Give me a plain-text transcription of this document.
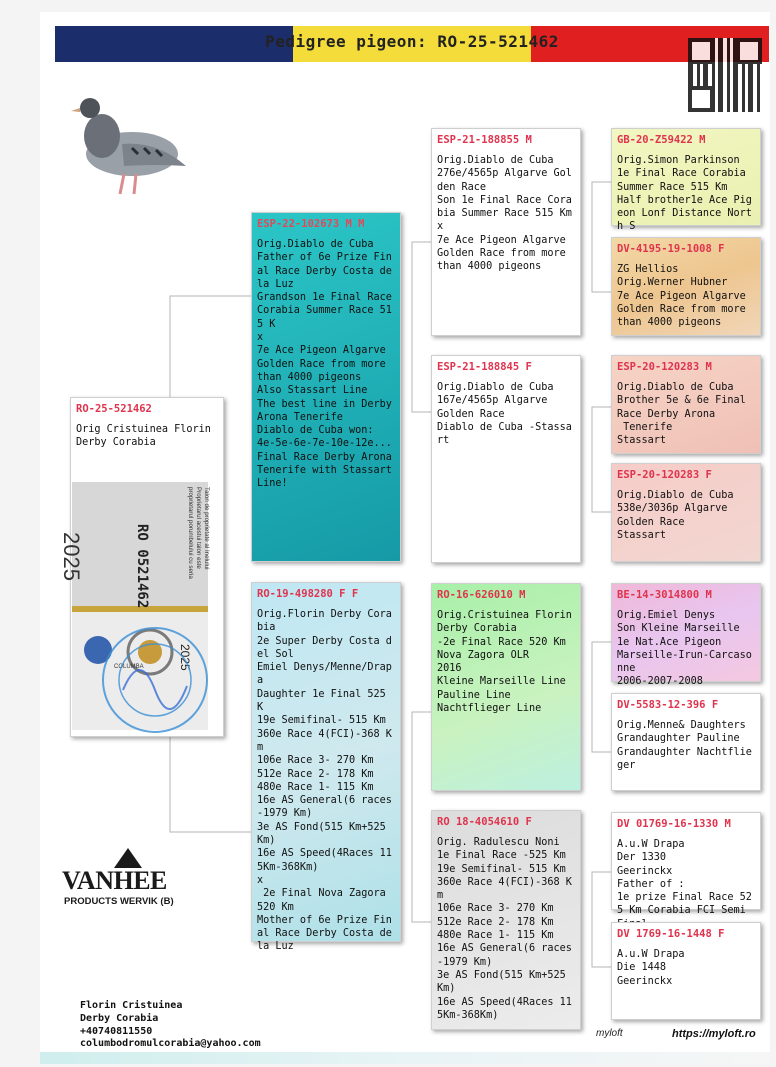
Pedigree pigeon: RO-25-521462
RO-25-521462
Orig Cristuinea Florin
Derby Corabia
2025	RO 0521462
Talon de proprietate al Inelului
Proprietarul acestui talon este
proprietarul porumbelului cu seria
COLUMBA	2025
ESP-22-102673 M M
Orig.Diablo de Cuba
Father of 6e Prize Final Race Derby Costa de la Luz
Grandson 1e Final Race Corabia Summer Race 515 K
x
7e Ace Pigeon Algarve Golden Race from more than 4000 pigeons
Also Stassart Line
The best line in Derby Arona Tenerife
Diablo de Cuba won:
4e-5e-6e-7e-10e-12e...
Final Race Derby Arona Tenerife with Stassart Line!
RO-19-498280 F F
Orig.Florin Derby Corabia
2e Super Derby Costa del Sol
Emiel Denys/Menne/Drapa
Daughter 1e Final 525 K
19e Semifinal- 515 Km
360e Race 4(FCI)-368 Km
106e Race 3- 270 Km
512e Race 2- 178 Km
480e Race 1- 115 Km
16e AS General(6 races-1979 Km)
3e AS Fond(515 Km+525 Km)
16e AS Speed(4Races 115Km-368Km)
x
2e Final Nova Zagora 520 Km
Mother of 6e Prize Final Race Derby Costa de la Luz
ESP-21-188855 M
Orig.Diablo de Cuba
276e/4565p Algarve Golden Race
Son 1e Final Race Corabia Summer Race 515 Km
x
7e Ace Pigeon Algarve Golden Race from more than 4000 pigeons
ESP-21-188845 F
Orig.Diablo de Cuba
167e/4565p Algarve
Golden Race
Diablo de Cuba -Stassart
RO-16-626010 M
Orig.Cristuinea Florin Derby Corabia
-2e Final Race 520 Km Nova Zagora OLR
2016
Kleine Marseille Line
Pauline Line
Nachtflieger Line
RO 18-4054610 F
Orig. Radulescu Noni
1e Final Race -525 Km
19e Semifinal- 515 Km
360e Race 4(FCI)-368 Km
106e Race 3- 270 Km
512e Race 2- 178 Km
480e Race 1- 115 Km
16e AS General(6 races-1979 Km)
3e AS Fond(515 Km+525 Km)
16e AS Speed(4Races 115Km-368Km)
GB-20-Z59422 M
Orig.Simon Parkinson
1e Final Race Corabia Summer Race 515 Km
Half brother1e Ace Pigeon Lonf Distance North S
DV-4195-19-1008 F
ZG Hellios
Orig.Werner Hubner
7e Ace Pigeon Algarve Golden Race from more than 4000 pigeons
ESP-20-120283 M
Orig.Diablo de Cuba
Brother 5e & 6e Final Race Derby Arona
Tenerife
Stassart
ESP-20-120283 F
Orig.Diablo de Cuba
538e/3036p Algarve
Golden Race
Stassart
BE-14-3014800 M
Orig.Emiel Denys
Son Kleine Marseille
1e Nat.Ace Pigeon
Marseille-Irun-Carcasonne
2006-2007-2008
DV-5583-12-396 F
Orig.Menne& Daughters
Grandaughter Pauline
Grandaughter Nachtflieger
DV 01769-16-1330 M
A.u.W Drapa
Der 1330
Geerinckx
Father of :
1e prize Final Race 525 Km Corabia FCI Semi
DV 1769-16-1448 F
A.u.W Drapa
Die 1448
Geerinckx
VANHEE
PRODUCTS WERVIK (B)
Florin Cristuinea
Derby Corabia
+40740811550
columbodromulcorabia@yahoo.com
myloft	https://myloft.ro
